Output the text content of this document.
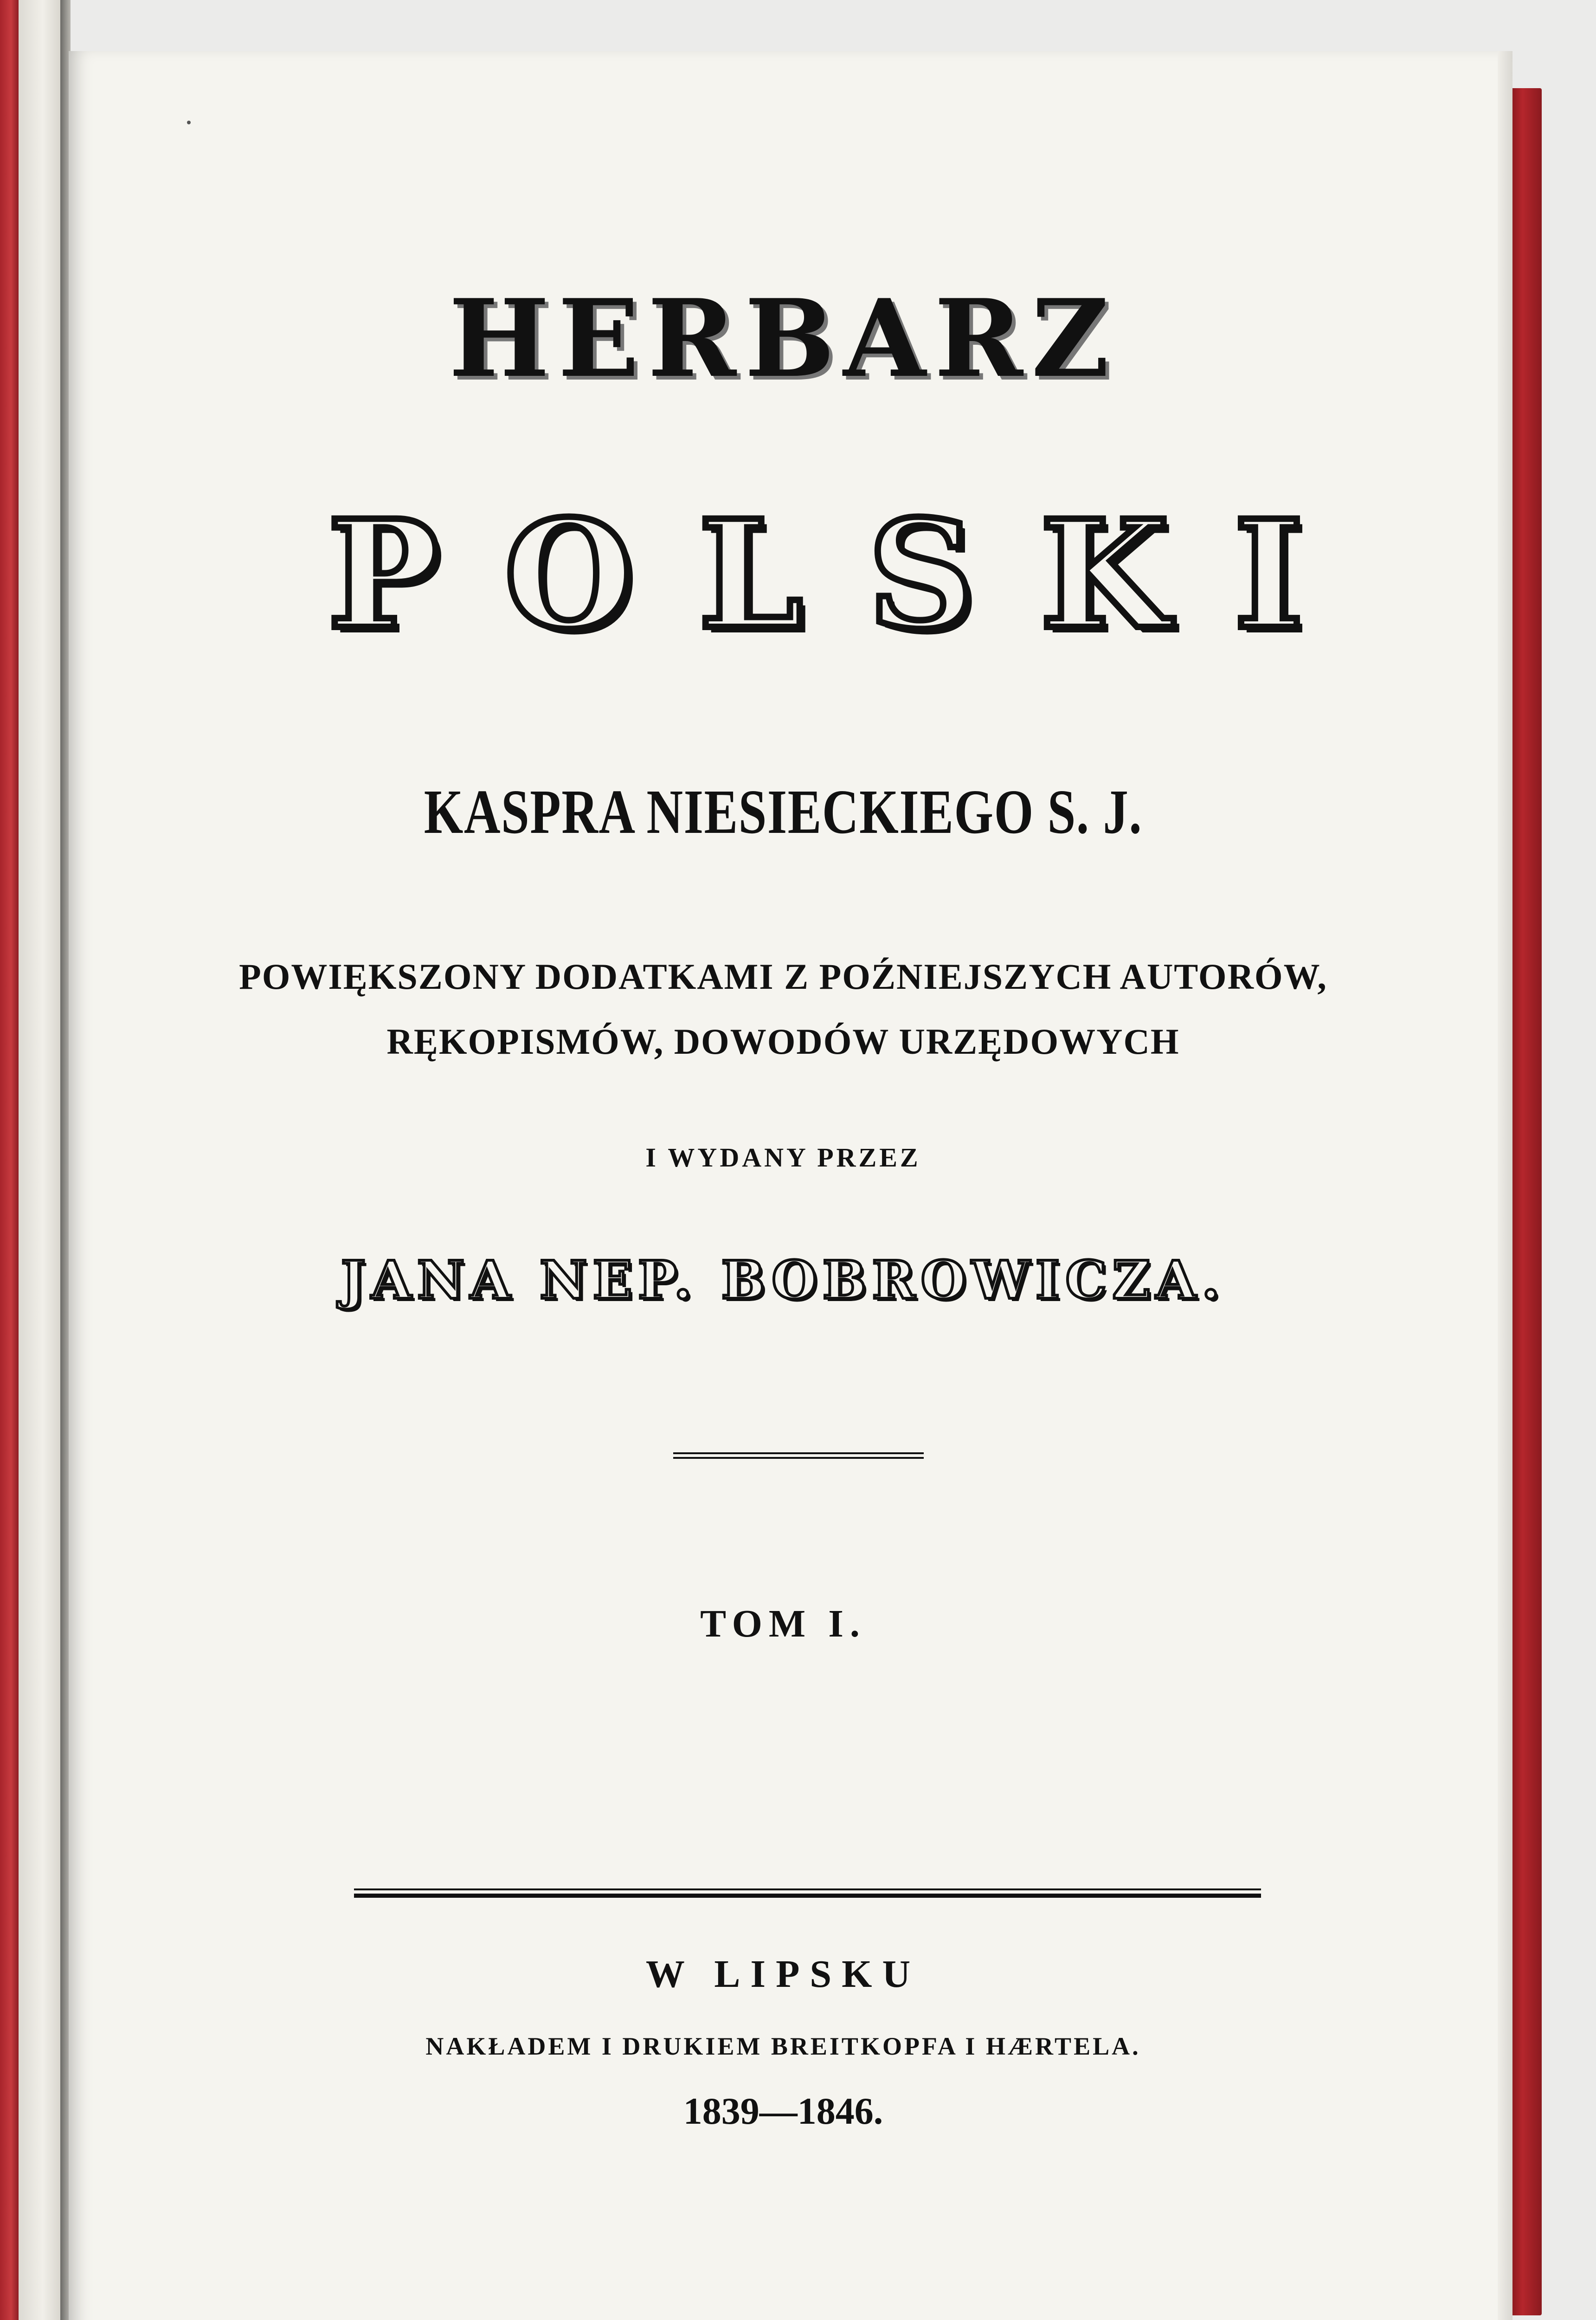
HERBARZ
POLSKI
KASPRA NIESIECKIEGO S. J.
POWIĘKSZONY DODATKAMI Z POŹNIEJSZYCH AUTORÓW,
RĘKOPISMÓW, DOWODÓW URZĘDOWYCH
I WYDANY PRZEZ
JANA NEP. BOBROWICZA.
TOM I.
W LIPSKU
NAKŁADEM I DRUKIEM BREITKOPFA I HÆRTELA.
1839—1846.
